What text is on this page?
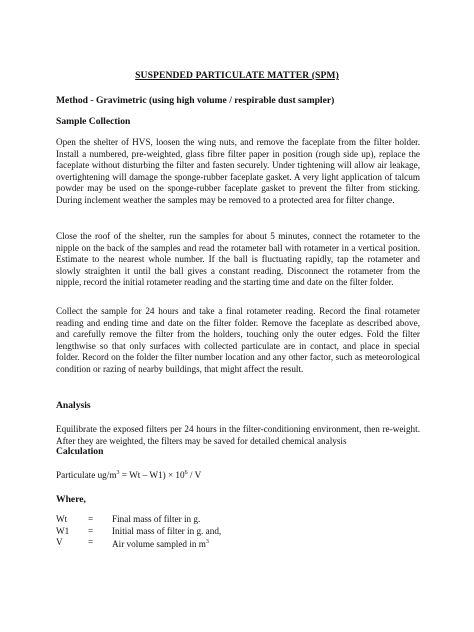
SUSPENDED PARTICULATE MATTER (SPM)
Method - Gravimetric (using high volume / respirable dust sampler)
Sample Collection

Open the shelter of HVS, loosen the wing nuts, and remove the faceplate from the filter holder. Install a numbered, pre-weighted, glass fibre filter paper in position (rough side up), replace the faceplate without disturbing the filter and fasten securely. Under tightening will allow air leakage, overtightening will damage the sponge-rubber faceplate gasket. A very light application of talcum powder may be used on the sponge-rubber faceplate gasket to prevent the filter from sticking. During inclement weather the samples may be removed to a protected area for filter change.

Close the roof of the shelter, run the samples for about 5 minutes, connect the rotameter to the nipple on the back of the samples and read the rotameter ball with rotameter in a vertical position. Estimate to the nearest whole number. If the ball is fluctuating rapidly, tap the rotameter and slowly straighten it until the ball gives a constant reading. Disconnect the rotameter from the nipple, record the initial rotameter reading and the starting time and date on the filter folder.

Collect the sample for 24 hours and take a final rotameter reading. Record the final rotameter reading and ending time and date on the filter folder. Remove the faceplate as described above, and carefully remove the filter from the holders, touching only the outer edges. Fold the filter lengthwise so that only surfaces with collected particulate are in contact, and place in special folder. Record on the folder the filter number location and any other factor, such as meteorological condition or razing of nearby buildings, that might affect the result.

Analysis

Equilibrate the exposed filters per 24 hours in the filter-conditioning environment, then re-weight. After they are weighted, the filters may be saved for detailed chemical analysis

Calculation
Particulate $ug/m^3 = Wt - W1) \times 10^6 / V$
Where,
Wt = Final mass of filter in g.
W1 = Initial mass of filter in g. and,
V	= Air volume sampled in $m^3$
